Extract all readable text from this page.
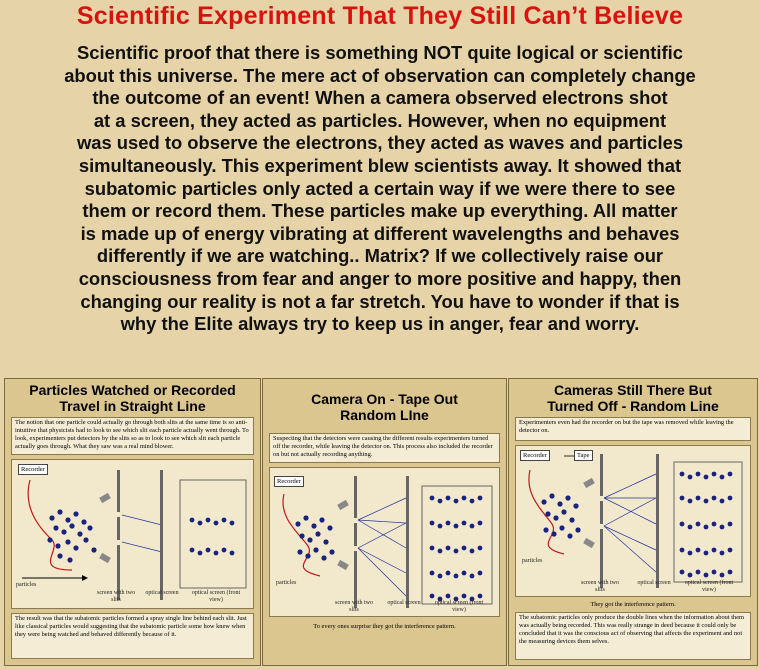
Scientific Experiment That They Still Can’t Believe
Scientific proof that there is something NOT quite logical or scientific
about this universe. The mere act of observation can completely change
the outcome of an event! When a camera observed electrons shot
at a screen, they acted as particles. However, when no equipment
was used to observe the electrons, they acted as waves and particles
simultaneously. This experiment blew scientists away. It showed that
subatomic particles only acted a certain way if we were there to see
them or record them. These particles make up everything. All matter
is made up of energy vibrating at different wavelengths and behaves
differently if we are watching.. Matrix? If we collectively raise our
consciousness from fear and anger to more positive and happy, then
changing our reality is not a far stretch. You have to wonder if that is
why the Elite always try to keep us in anger, fear and worry.
Particles Watched or Recorded
Travel in Straight Line
The notion that one particle could actually go through both slits at the same time is so anti-intuitive that physicists had to look to see which slit each particle actually went through. To look, experimenters put detectors by the slits so as to look to see which slit each particle actually goes through. What they saw was a real mind blower.
Recorder
particles
screen with two slits
optical screen	optical screen (front view)
The result was that the subatomic particles formed a spray single line behind each slit. Just like classical particles would suggesting that the subatomic particle some how knew when they were being watched and behaved differently because of it.
Camera On - Tape Out
Random LIne
Suspecting that the detectors were causing the different results experimenters turned off the recorder, while leaving the detector on. This process also included the recorder on but not actually recording anything.
Recorder
particles
screen with two slits
optical screen	optical screen (front view)
To every ones surprise they got the interference pattern.
Cameras Still There But
Turned Off - Random Line
Experimenters even had the recorder on but the tape was removed while leaving the detector on.
Recorder	Tape
particles
screen with two slits
optical screen	optical screen (front view)
They got the interference pattern.
The subatomic particles only produce the double lines when the information about them was actually being recorded. This was really strange in deed because it could only be concluded that it was the conscious act of observing that affects the experiment and not the measuring devices them selves.
